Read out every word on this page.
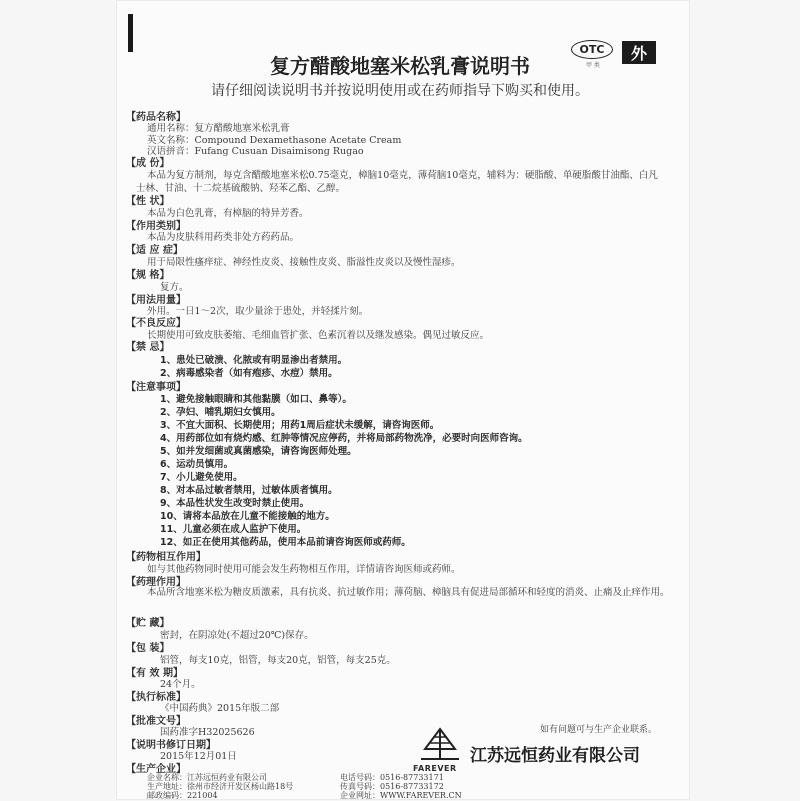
OTC
甲 类
外
复方醋酸地塞米松乳膏说明书
请仔细阅读说明书并按说明使用或在药师指导下购买和使用。
【药品名称】
通用名称：复方醋酸地塞米松乳膏
英文名称：Compound Dexamethasone Acetate Cream
汉语拼音：Fufang Cusuan Disaimisong Rugao
【成 份】
本品为复方制剂，每克含醋酸地塞米松0.75毫克，樟脑10毫克，薄荷脑10毫克，辅料为：硬脂酸、单硬脂酸甘油酯、白凡
士林、甘油、十二烷基硫酸钠、羟苯乙酯、乙醇。
【性 状】
本品为白色乳膏，有樟脑的特异芳香。
【作用类别】
本品为皮肤科用药类非处方药药品。
【适 应 症】
用于局限性瘙痒症、神经性皮炎、接触性皮炎、脂溢性皮炎以及慢性湿疹。
【规 格】
复方。
【用法用量】
外用。一日1～2次，取少量涂于患处，并轻揉片刻。
【不良反应】
长期使用可致皮肤萎缩、毛细血管扩张、色素沉着以及继发感染。偶见过敏反应。
【禁 忌】
1、患处已破溃、化脓或有明显渗出者禁用。
2、病毒感染者（如有疱疹、水痘）禁用。
【注意事项】
1、避免接触眼睛和其他黏膜（如口、鼻等）。
2、孕妇、哺乳期妇女慎用。
3、不宜大面积、长期使用；用药1周后症状未缓解，请咨询医师。
4、用药部位如有烧灼感、红肿等情况应停药，并将局部药物洗净，必要时向医师咨询。
5、如并发细菌或真菌感染，请咨询医师处理。
6、运动员慎用。
7、小儿避免使用。
8、对本品过敏者禁用，过敏体质者慎用。
9、本品性状发生改变时禁止使用。
10、请将本品放在儿童不能接触的地方。
11、儿童必须在成人监护下使用。
12、如正在使用其他药品，使用本品前请咨询医师或药师。
【药物相互作用】
如与其他药物同时使用可能会发生药物相互作用，详情请咨询医师或药师。
【药理作用】
本品所含地塞米松为糖皮质激素，具有抗炎、抗过敏作用；薄荷脑、樟脑具有促进局部循环和轻度的消炎、止痛及止痒作用。
【贮 藏】
密封，在阴凉处(不超过20℃)保存。
【包 装】
铝管，每支10克，铝管，每支20克，铝管，每支25克。
【有 效 期】
24个月。
【执行标准】
《中国药典》2015年版二部
【批准文号】
国药准字H32025626
【说明书修订日期】
2015年12月01日
【生产企业】
企业名称：江苏远恒药业有限公司
生产地址：徐州市经济开发区杨山路18号
邮政编码：221004
电话号码：0516-87733171
传真号码：0516-87733172
企业网址：WWW.FAREVER.CN
如有问题可与生产企业联系。
FAREVER
江苏远恒药业有限公司
